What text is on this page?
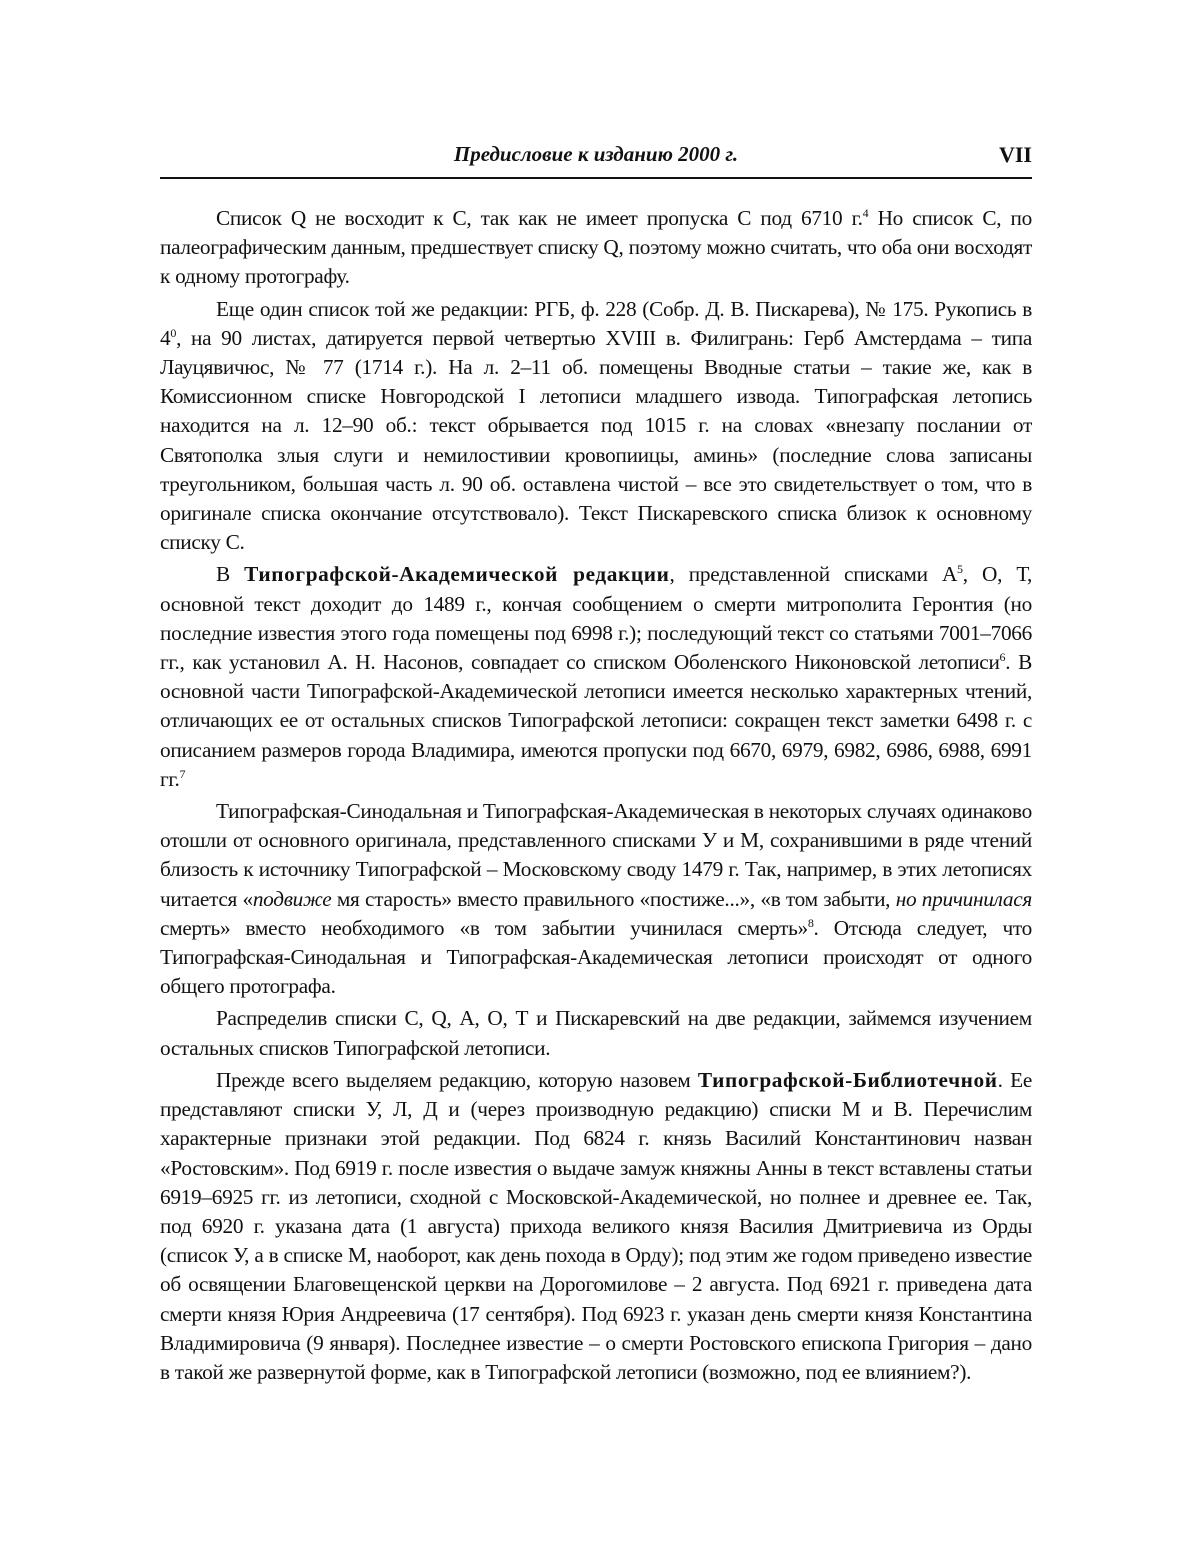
Предисловие к изданию 2000 г.	VII

Список Q не восходит к С, так как не имеет пропуска С под 6710 г.$^4$ Но список С, по палеографическим данным, предшествует списку Q, поэтому можно считать, что оба они восходят к одному протографу.

Еще один список той же редакции: РГБ, ф. 228 (Собр. Д. В. Пискарева), № 175. Рукопись в $4^0$, на 90 листах, датируется первой четвертью XVIII в. Филигрань: Герб Амстердама – типа Лауцявичюс, № 77 (1714 г.). На л. 2–11 об. помещены Вводные статьи – такие же, как в Комиссионном списке Новгородской I летописи младшего извода. Типографская летопись находится на л. 12–90 об.: текст обрывается под 1015 г. на словах «внезапу послании от Святополка злыя слуги и немилостивии кровопиицы, аминь» (последние слова записаны треугольником, большая часть л. 90 об. оставлена чистой – все это свидетельствует о том, что в оригинале списка окончание отсутствовало). Текст Пискаревского списка близок к основному списку С.

В Типографской-Академической редакции, представленной списками $А^5$, О, Т, основной текст доходит до 1489 г., кончая сообщением о смерти митрополита Геронтия (но последние известия этого года помещены под 6998 г.); последующий текст со статьями 7001–7066 гг., как установил А. Н. Насонов, совпадает со списком Оболенского Никоновской летописи$^6$. В основной части Типографской-Академической летописи имеется несколько характерных чтений, отличающих ее от остальных списков Типографской летописи: сокращен текст заметки 6498 г. с описанием размеров города Владимира, имеются пропуски под 6670, 6979, 6982, 6986, 6988, 6991 гг.$^7$

Типографская-Синодальная и Типографская-Академическая в некоторых случаях одинаково отошли от основного оригинала, представленного списками У и М, сохранившими в ряде чтений близость к источнику Типографской – Московскому своду 1479 г. Так, например, в этих летописях читается «подвиже мя старость» вместо правильного «постиже...», «в том забыти, но причинилася смерть» вместо необходимого «в том забытии учинилася смерть»$^8$. Отсюда следует, что Типографская-Синодальная и Типографская-Академическая летописи происходят от одного общего протографа.

Распределив списки С, Q, А, О, Т и Пискаревский на две редакции, займемся изучением остальных списков Типографской летописи.

Прежде всего выделяем редакцию, которую назовем Типографской-Библиотечной. Ее представляют списки У, Л, Д и (через производную редакцию) списки М и В. Перечислим характерные признаки этой редакции. Под 6824 г. князь Василий Константинович назван «Ростовским». Под 6919 г. после известия о выдаче замуж княжны Анны в текст вставлены статьи 6919–6925 гг. из летописи, сходной с Московской-Академической, но полнее и древнее ее. Так, под 6920 г. указана дата (1 августа) прихода великого князя Василия Дмитриевича из Орды (список У, а в списке М, наоборот, как день похода в Орду); под этим же годом приведено известие об освящении Благовещенской церкви на Дорогомилове – 2 августа. Под 6921 г. приведена дата смерти князя Юрия Андреевича (17 сентября). Под 6923 г. указан день смерти князя Константина Владимировича (9 января). Последнее известие – о смерти Ростовского епископа Григория – дано в такой же развернутой форме, как в Типографской летописи (возможно, под ее влиянием?).
